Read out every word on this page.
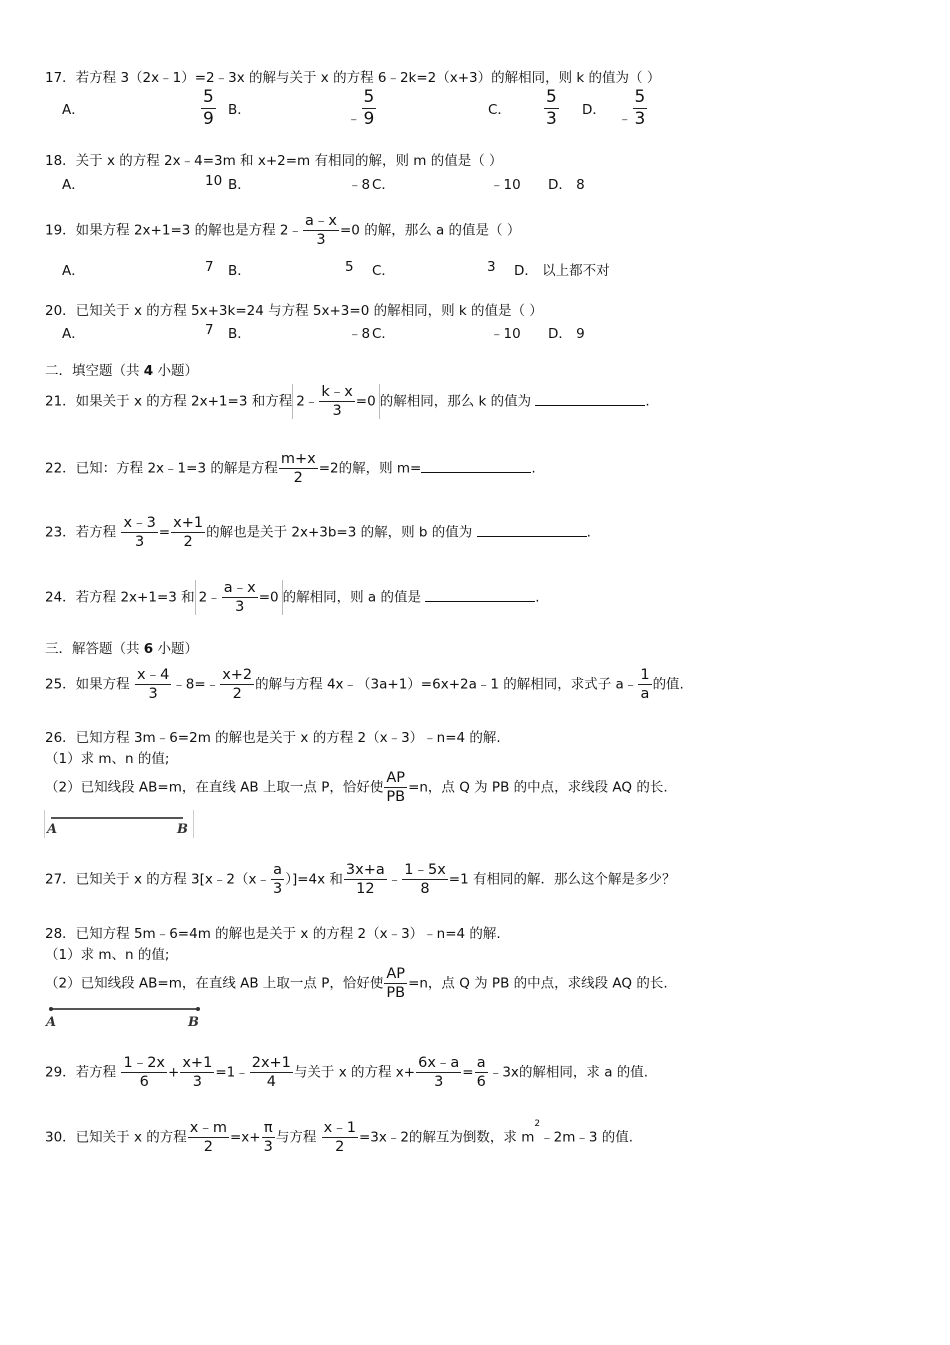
17．若方程 3（2x﹣1）=2﹣3x 的解与关于 x 的方程 6﹣2k=2（x+3）的解相同，则 k 的值为（ ）
A．	$\frac{5}{9}$ B．
﹣ $\frac{5}{9}$	C． $\frac{5}{3}$ D．
﹣ $\frac{5}{3}$
18．关于 x 的方程 2x﹣4=3m 和 x+2=m 有相同的解，则 m 的值是（ ）
A．	10 B．	﹣8 C．	﹣10 D． 8
19．如果方程 2x+1=3 的解也是方程 2﹣ $\frac{a﹣x}{3} =0$ 的解，那么 a 的值是（ ）
A．	7 B．	5 C．	3 D． 以上都不对
20．已知关于 x 的方程 5x+3k=24 与方程 5x+3=0 的解相同，则 k 的值是（ ）
A．	7 B．	﹣8 C．	﹣10 D． 9
二．填空题（共 4 小题）
21．如果关于 x 的方程 2x+1=3 和方程 2﹣ $\frac{k﹣x}{3} =0$ 的解相同，那么 k 的值为	.
22．已知：方程 2x﹣1=3 的解是方程 $\frac{m+x}{2} =2$的解，则 m=	.
23．若方程 $\frac{x﹣3}{3} = \frac{x+1}{2}$ 的解也是关于 2x+3b=3 的解，则 b 的值为	.
24．若方程 2x+1=3 和 2﹣ $\frac{a﹣x}{3} =0$ 的解相同，则 a 的值是	.
三．解答题（共 6 小题）
25．如果方程 $\frac{x﹣4}{3}$ ﹣8=﹣ $\frac{x+2}{2}$ 的解与方程 4x﹣（3a+1）=6x+2a﹣1 的解相同，求式子 a﹣ $\frac{1}{a}$ 的值.
26．已知方程 3m﹣6=2m 的解也是关于 x 的方程 2（x﹣3）﹣n=4 的解.
（1）求 m、n 的值;
（2）已知线段 AB=m，在直线 AB 上取一点 P，恰好使 $\frac{AP}{PB} =n$，点 Q 为 PB 的中点，求线段 AQ 的长.
A	B
27．已知关于 x 的方程 3[x﹣2（x﹣ $\frac{a}{3} )]=4x$ 和 $\frac{3x+a}{12}$ ﹣ $\frac{1﹣5x}{8} =1$ 有相同的解．那么这个解是多少？
28．已知方程 5m﹣6=4m 的解也是关于 x 的方程 2（x﹣3）﹣n=4 的解.
（1）求 m、n 的值;
（2）已知线段 AB=m，在直线 AB 上取一点 P，恰好使 $\frac{AP}{PB} =n$，点 Q 为 PB 的中点，求线段 AQ 的长.
A	B
29．若方程 $\frac{1﹣2x}{6} + \frac{x+1}{3}$ =1﹣ $\frac{2x+1}{4}$ 与关于 x 的方程 $x+ \frac{6x﹣a}{3} = \frac{a}{6}$ ﹣3x的解相同，求 a 的值.
30．已知关于 x 的方程 $\frac{x﹣m}{2} =x+ \frac{\pi}{3}$ 与方程 $\frac{x﹣1}{2}$ =3x﹣2的解互为倒数，求 $m^2﹣2m﹣3$ 的值.
